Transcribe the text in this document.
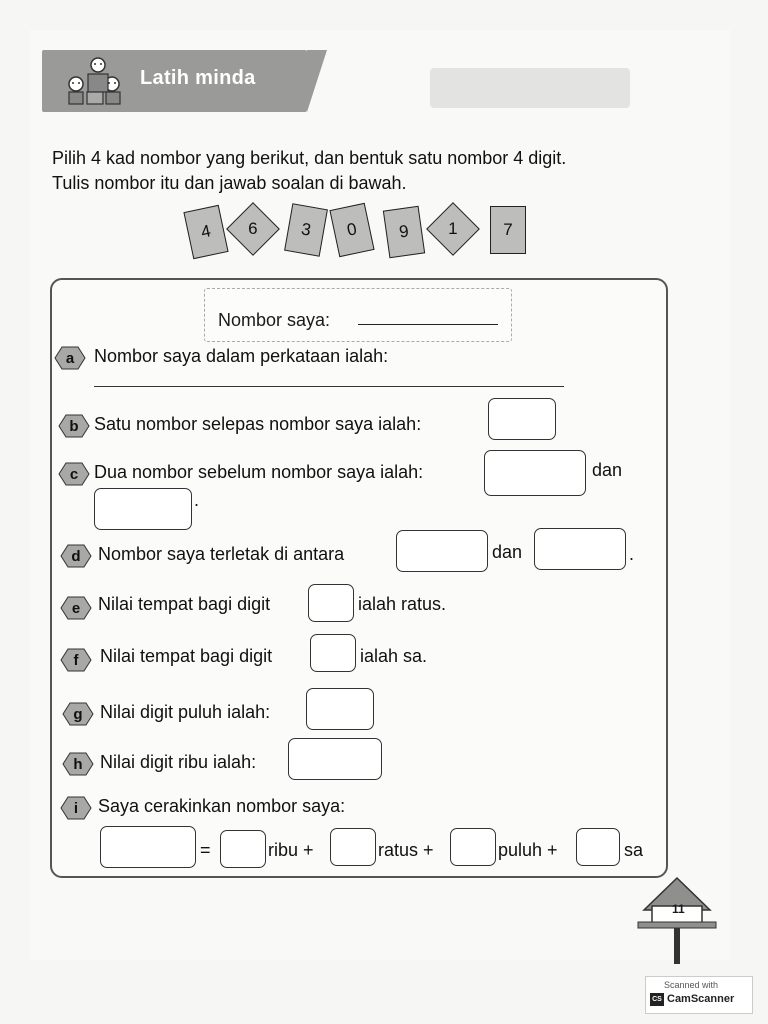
Latih minda
Pilih 4 kad nombor yang berikut, dan bentuk satu nombor 4 digit.
Tulis nombor itu dan jawab soalan di bawah.
4 6 3 0 9 1	7
Nombor saya:
a Nombor saya dalam perkataan ialah:
b Satu nombor selepas nombor saya ialah:
c Dua nombor sebelum nombor saya ialah:	dan
.
d Nombor saya terletak di antara	dan	.
e Nilai tempat bagi digit	ialah ratus.
f Nilai tempat bagi digit	ialah sa.
g Nilai digit puluh ialah:
h Nilai digit ribu ialah:
i Saya cerakinkan nombor saya:
=	ribu +	ratus +	puluh +	sa
11
Scanned with
CS CamScanner
